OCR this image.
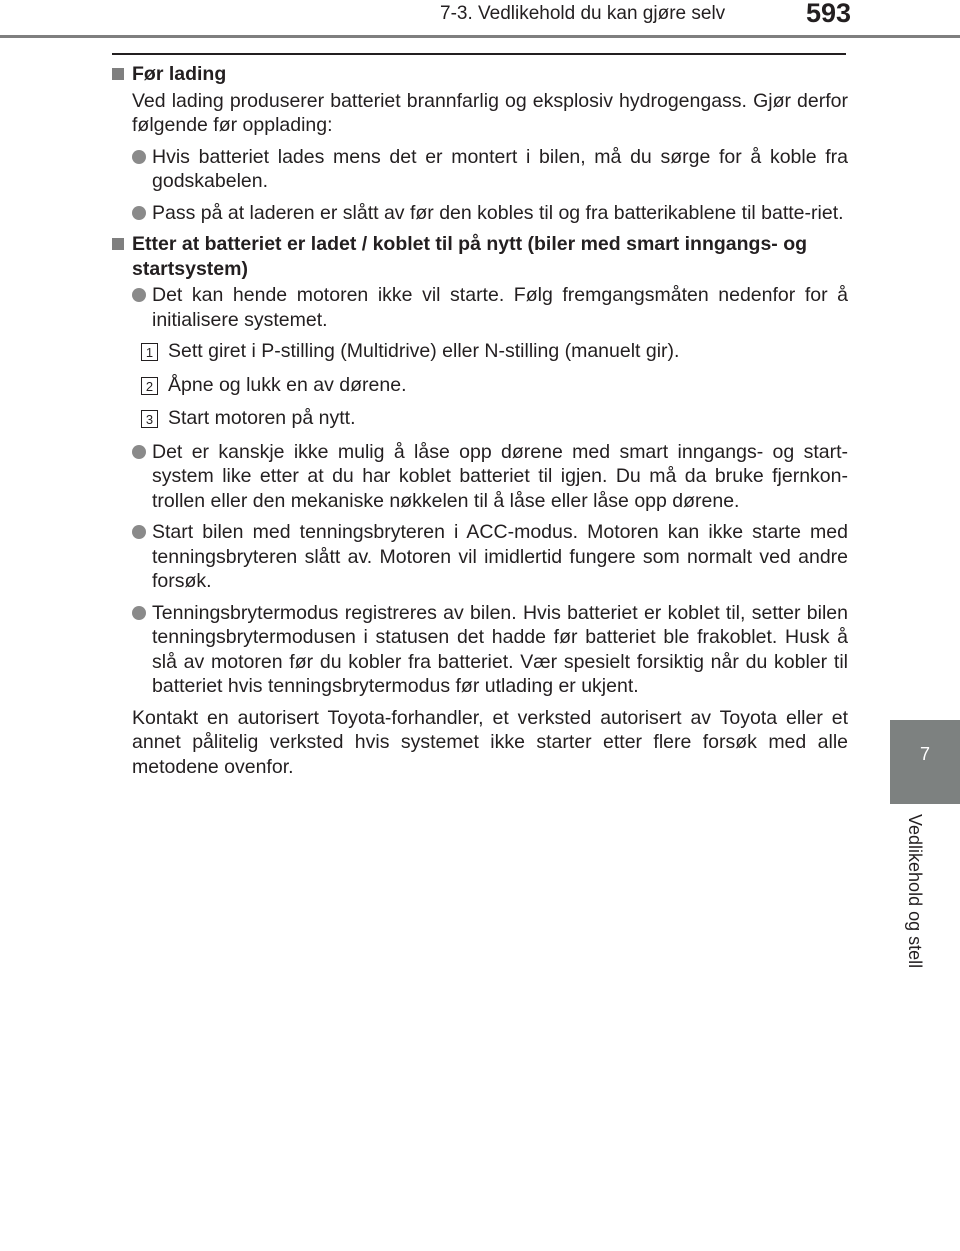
7-3. Vedlikehold du kan gjøre selv	593
7
Vedlikehold og stell
Før lading
Ved lading produserer batteriet brannfarlig og eksplosiv hydrogengass. Gjør derfor følgende før opplading:
Hvis batteriet lades mens det er montert i bilen, må du sørge for å koble fra godskabelen.
Pass på at laderen er slått av før den kobles til og fra batterikablene til batte-riet.
Etter at batteriet er ladet / koblet til på nytt (biler med smart inngangs- og startsystem)
Det kan hende motoren ikke vil starte. Følg fremgangsmåten nedenfor for å initialisere systemet.
1 Sett giret i P-stilling (Multidrive) eller N-stilling (manuelt gir).
2 Åpne og lukk en av dørene.
3 Start motoren på nytt.
Det er kanskje ikke mulig å låse opp dørene med smart inngangs- og start-system like etter at du har koblet batteriet til igjen. Du må da bruke fjernkon-trollen eller den mekaniske nøkkelen til å låse eller låse opp dørene.
Start bilen med tenningsbryteren i ACC-modus. Motoren kan ikke starte med tenningsbryteren slått av. Motoren vil imidlertid fungere som normalt ved andre forsøk.
Tenningsbrytermodus registreres av bilen. Hvis batteriet er koblet til, setter bilen tenningsbrytermodusen i statusen det hadde før batteriet ble frakoblet. Husk å slå av motoren før du kobler fra batteriet. Vær spesielt forsiktig når du kobler til batteriet hvis tenningsbrytermodus før utlading er ukjent.
Kontakt en autorisert Toyota-forhandler, et verksted autorisert av Toyota eller et annet pålitelig verksted hvis systemet ikke starter etter flere forsøk med alle metodene ovenfor.
